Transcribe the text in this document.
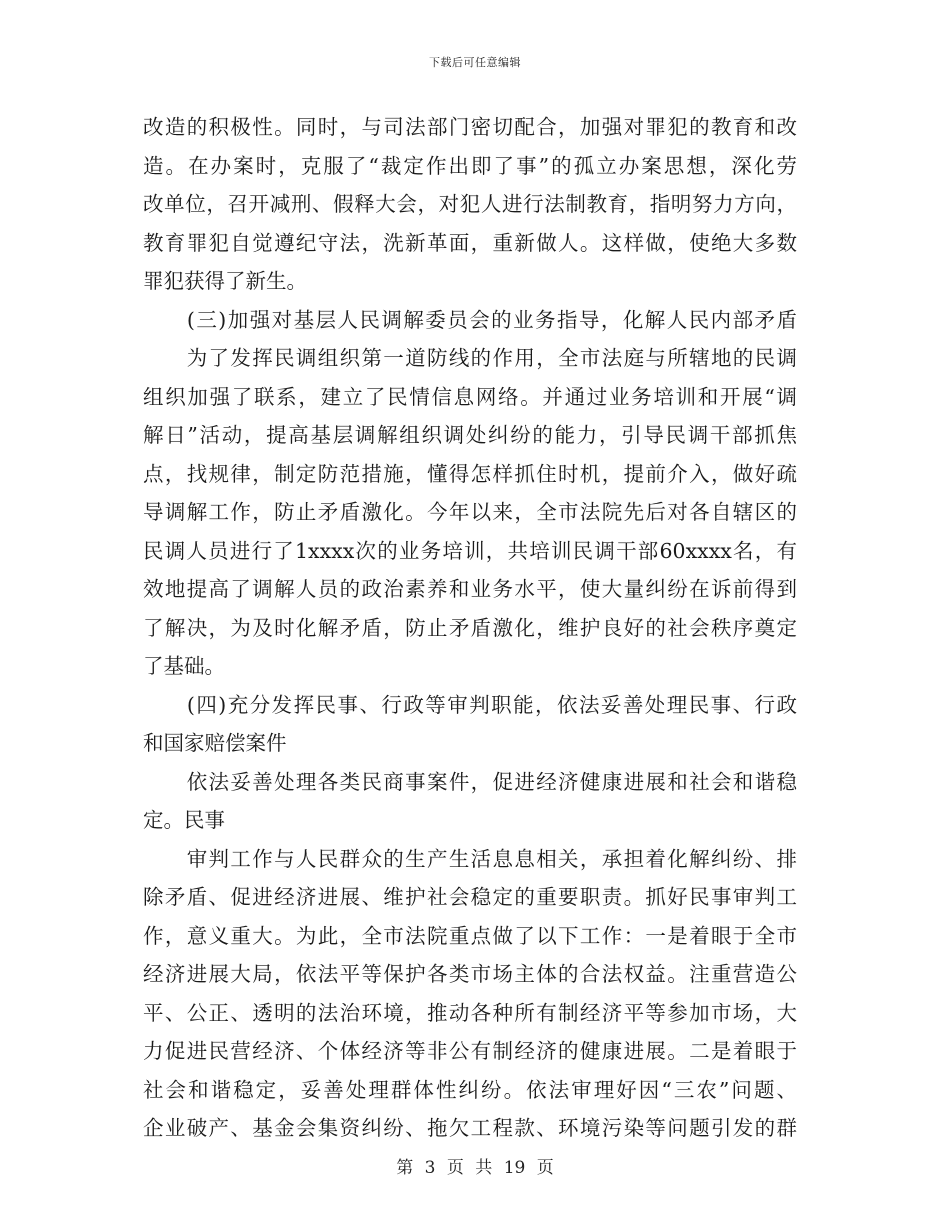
下载后可任意编辑
改造的积极性。同时，与司法部门密切配合，加强对罪犯的教育和改
造。在办案时，克服了“裁定作出即了事”的孤立办案思想，深化劳
改单位，召开减刑、假释大会，对犯人进行法制教育，指明努力方向，
教育罪犯自觉遵纪守法，洗新革面，重新做人。这样做，使绝大多数
罪犯获得了新生。
　　(三)加强对基层人民调解委员会的业务指导，化解人民内部矛盾
　　为了发挥民调组织第一道防线的作用，全市法庭与所辖地的民调
组织加强了联系，建立了民情信息网络。并通过业务培训和开展“调
解日”活动，提高基层调解组织调处纠纷的能力，引导民调干部抓焦
点，找规律，制定防范措施，懂得怎样抓住时机，提前介入，做好疏
导调解工作，防止矛盾激化。今年以来，全市法院先后对各自辖区的
民调人员进行了1xxxx次的业务培训，共培训民调干部60xxxx名，有
效地提高了调解人员的政治素养和业务水平，使大量纠纷在诉前得到
了解决，为及时化解矛盾，防止矛盾激化，维护良好的社会秩序奠定
了基础。
　　(四)充分发挥民事、行政等审判职能，依法妥善处理民事、行政
和国家赔偿案件
　　依法妥善处理各类民商事案件，促进经济健康进展和社会和谐稳
定。民事
　　审判工作与人民群众的生产生活息息相关，承担着化解纠纷、排
除矛盾、促进经济进展、维护社会稳定的重要职责。抓好民事审判工
作，意义重大。为此，全市法院重点做了以下工作：一是着眼于全市
经济进展大局，依法平等保护各类市场主体的合法权益。注重营造公
平、公正、透明的法治环境，推动各种所有制经济平等参加市场，大
力促进民营经济、个体经济等非公有制经济的健康进展。二是着眼于
社会和谐稳定，妥善处理群体性纠纷。依法审理好因“三农”问题、
企业破产、基金会集资纠纷、拖欠工程款、环境污染等问题引发的群
第 3 页 共 19 页
